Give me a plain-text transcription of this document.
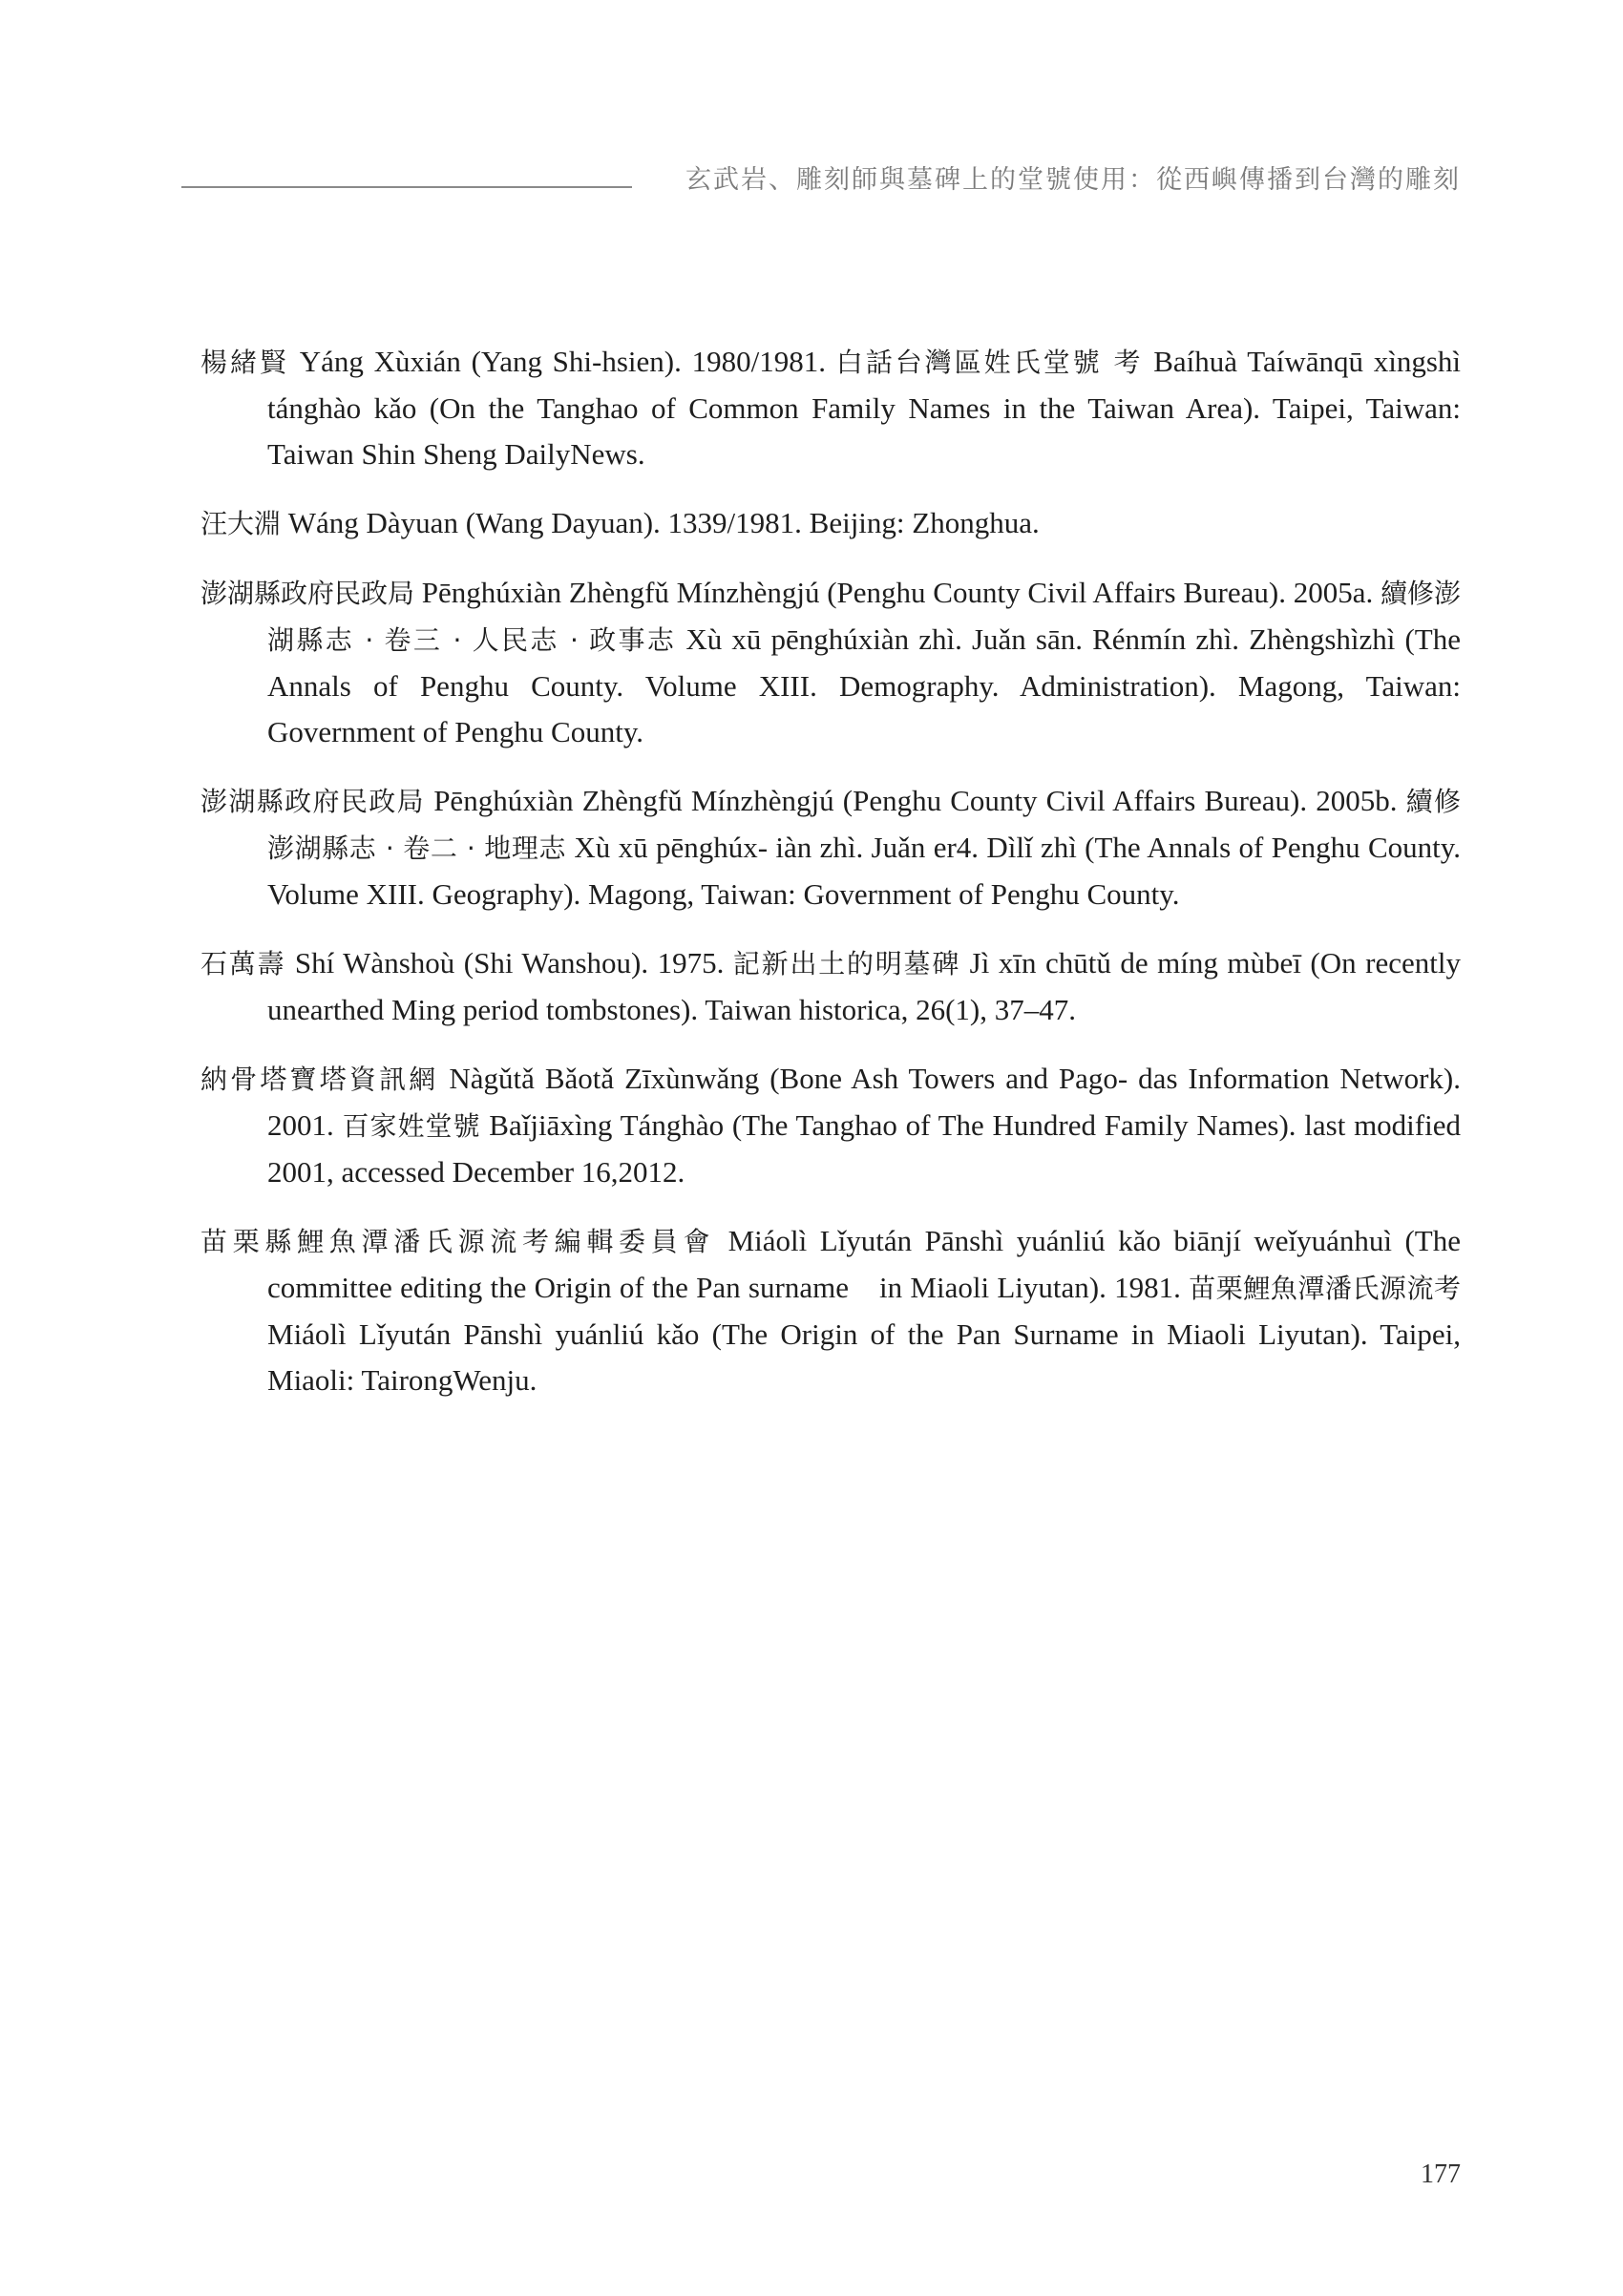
玄武岩、雕刻師與墓碑上的堂號使用：從西嶼傳播到台灣的雕刻

楊緒賢 Yáng Xùxián (Yang Shi-hsien). 1980/1981. 白話台灣區姓氏堂號 考 Baíhuà Taíwānqū xìngshì tánghào kǎo (On the Tanghao of Common Family Names in the Taiwan Area). Taipei, Taiwan: Taiwan Shin Sheng DailyNews.

汪大淵 Wáng Dàyuan (Wang Dayuan). 1339/1981. Beijing: Zhonghua.

澎湖縣政府民政局 Pēnghúxiàn Zhèngfǔ Mínzhèngjú (Penghu County Civil Affairs Bureau). 2005a. 續修澎湖縣志 · 卷三 · 人民志 · 政事志 Xù xū pēnghúxiàn zhì. Juǎn sān. Rénmín zhì. Zhèngshìzhì (The Annals of Penghu County. Volume XIII. Demography. Administration). Magong, Taiwan: Government of Penghu County.

澎湖縣政府民政局 Pēnghúxiàn Zhèngfǔ Mínzhèngjú (Penghu County Civil Affairs Bureau). 2005b. 續修澎湖縣志 · 卷二 · 地理志 Xù xū pēnghúx- iàn zhì. Juǎn er4. Dìlǐ zhì (The Annals of Penghu County. Volume XIII. Geography). Magong, Taiwan: Government of Penghu County.

石萬壽 Shí Wànshoù (Shi Wanshou). 1975. 記新出土的明墓碑 Jì xīn chūtǔ de míng mùbeī (On recently unearthed Ming period tombstones). Taiwan historica, 26(1), 37–47.

納骨塔寶塔資訊網 Nàgǔtǎ Bǎotǎ Zīxùnwǎng (Bone Ash Towers and Pago- das Information Network). 2001. 百家姓堂號 Baǐjiāxìng Tánghào (The Tanghao of The Hundred Family Names). last modified 2001, accessed December 16,2012.

苗栗縣鯉魚潭潘氏源流考編輯委員會 Miáolì Lǐyután Pānshì yuánliú kǎo biānjí weǐyuánhuì (The committee editing the Origin of the Pan surname　in Miaoli Liyutan). 1981. 苗栗鯉魚潭潘氏源流考 Miáolì Lǐyután Pānshì yuánliú kǎo (The Origin of the Pan Surname in Miaoli Liyutan). Taipei, Miaoli: TairongWenju.

177
